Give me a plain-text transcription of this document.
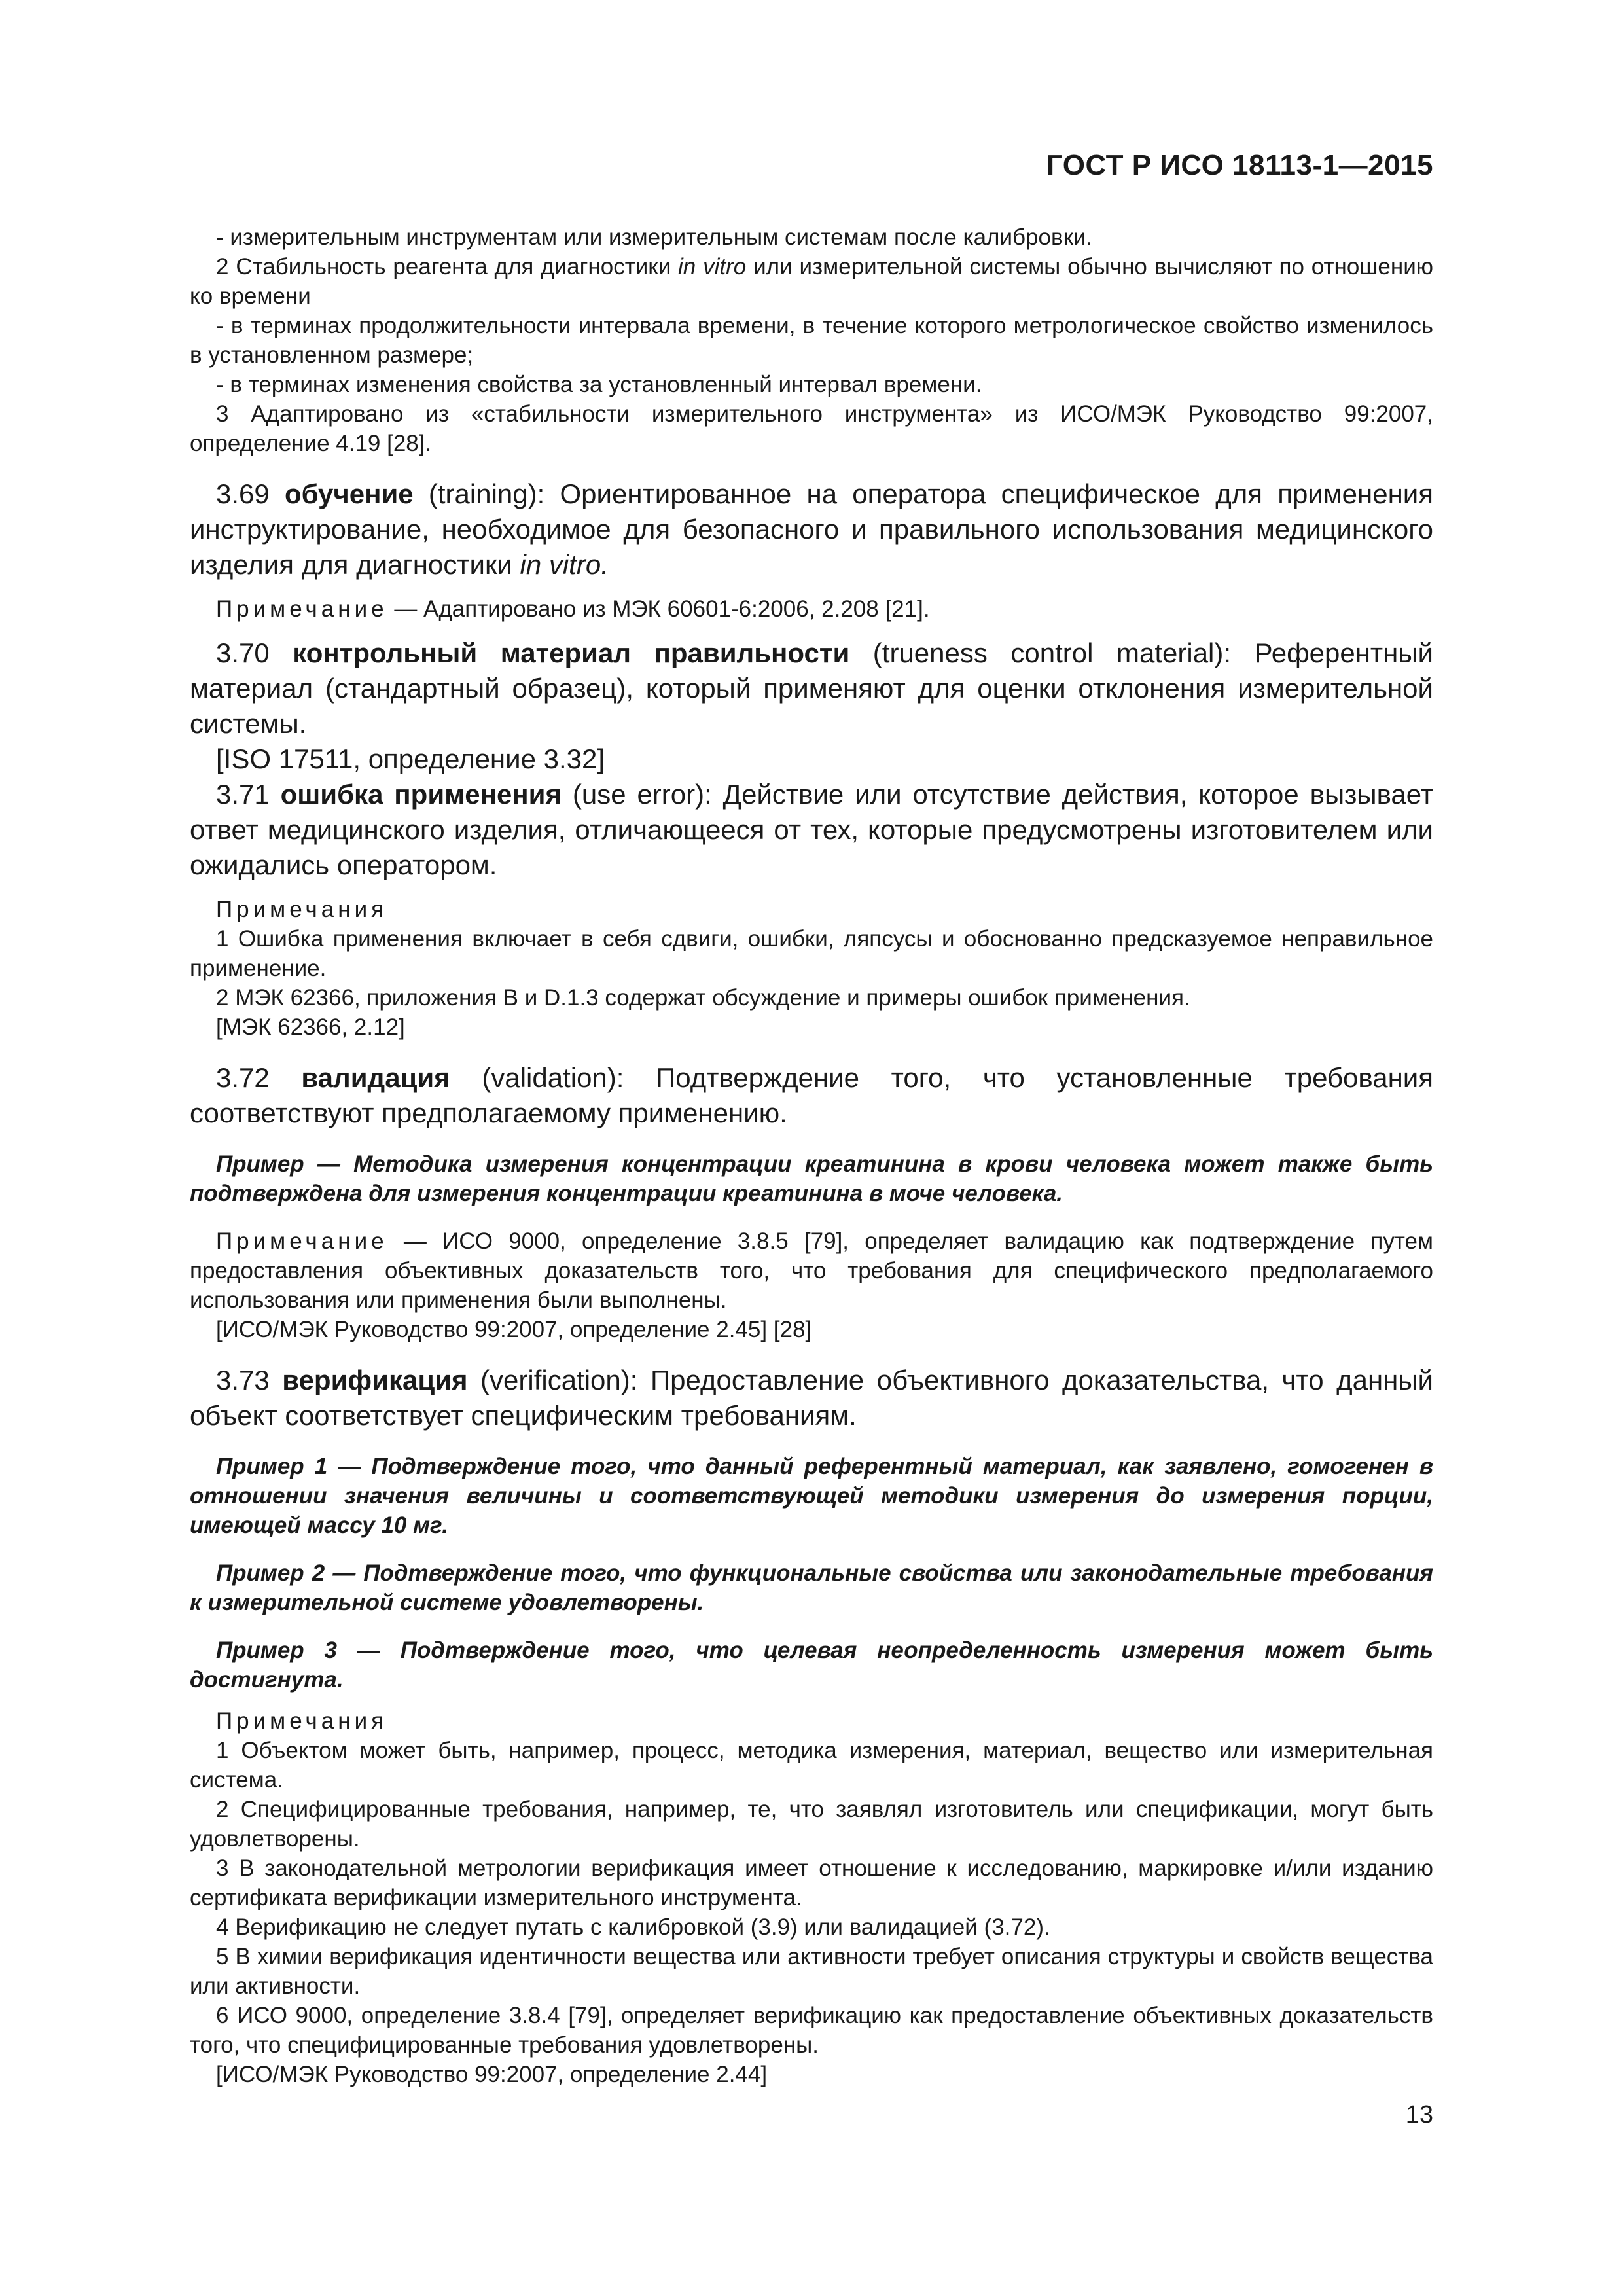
ГОСТ Р ИСО 18113-1—2015

- измерительным инструментам или измерительным системам после калибровки.

2 Стабильность реагента для диагностики in vitro или измерительной системы обычно вычисляют по отношению ко времени

- в терминах продолжительности интервала времени, в течение которого метрологическое свойство изменилось в установленном размере;

- в терминах изменения свойства за установленный интервал времени.

3 Адаптировано из «стабильности измерительного инструмента» из ИСО/МЭК Руководство 99:2007, определение 4.19 [28].

3.69 обучение (training): Ориентированное на оператора специфическое для применения инструктирование, необходимое для безопасного и правильного использования медицинского изделия для диагностики in vitro.

Примечание — Адаптировано из МЭК 60601-6:2006, 2.208 [21].

3.70 контрольный материал правильности (trueness control material): Референтный материал (стандартный образец), который применяют для оценки отклонения измерительной системы.

[ISO 17511, определение 3.32]

3.71 ошибка применения (use error): Действие или отсутствие действия, которое вызывает ответ медицинского изделия, отличающееся от тех, которые предусмотрены изготовителем или ожидались оператором.

Примечания

1 Ошибка применения включает в себя сдвиги, ошибки, ляпсусы и обоснованно предсказуемое неправильное применение.

2 МЭК 62366, приложения В и D.1.3 содержат обсуждение и примеры ошибок применения.

[МЭК 62366, 2.12]

3.72 валидация (validation): Подтверждение того, что установленные требования соответствуют предполагаемому применению.

Пример — Методика измерения концентрации креатинина в крови человека может также быть подтверждена для измерения концентрации креатинина в моче человека.

Примечание — ИСО 9000, определение 3.8.5 [79], определяет валидацию как подтверждение путем предоставления объективных доказательств того, что требования для специфического предполагаемого использования или применения были выполнены.

[ИСО/МЭК Руководство 99:2007, определение 2.45] [28]

3.73 верификация (verification): Предоставление объективного доказательства, что данный объект соответствует специфическим требованиям.

Пример 1 — Подтверждение того, что данный референтный материал, как заявлено, гомогенен в отношении значения величины и соответствующей методики измерения до измерения порции, имеющей массу 10 мг.

Пример 2 — Подтверждение того, что функциональные свойства или законодательные требования к измерительной системе удовлетворены.

Пример 3 — Подтверждение того, что целевая неопределенность измерения может быть достигнута.

Примечания

1 Объектом может быть, например, процесс, методика измерения, материал, вещество или измерительная система.

2 Специфицированные требования, например, те, что заявлял изготовитель или спецификации, могут быть удовлетворены.

3 В законодательной метрологии верификация имеет отношение к исследованию, маркировке и/или изданию сертификата верификации измерительного инструмента.

4 Верификацию не следует путать с калибровкой (3.9) или валидацией (3.72).

5 В химии верификация идентичности вещества или активности требует описания структуры и свойств вещества или активности.

6 ИСО 9000, определение 3.8.4 [79], определяет верификацию как предоставление объективных доказательств того, что специфицированные требования удовлетворены.

[ИСО/МЭК Руководство 99:2007, определение 2.44]

13
